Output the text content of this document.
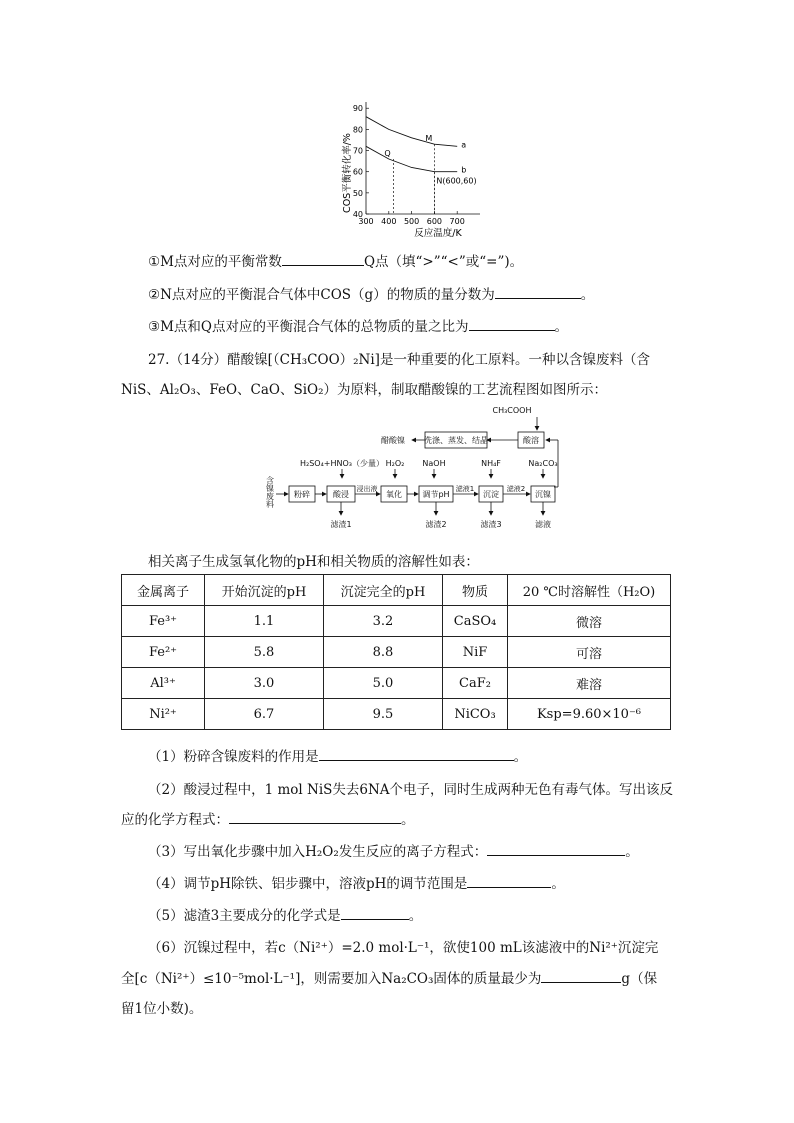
40
50
60
70
80
90
300 400 500 600 700
a
b
Q
M
N(600,60)
COS平衡转化率/%
反应温度/K
①M点对应的平衡常数	Q点（填“>”“<”或“=”)。
②N点对应的平衡混合气体中COS（g）的物质的量分数为	。
③M点和Q点对应的平衡混合气体的总物质的量之比为	。
27.（14分）醋酸镍[（CH₃COO）₂Ni]是一种重要的化工原料。一种以含镍废料（含
NiS、Al₂O₃、FeO、CaO、SiO₂）为原料，制取醋酸镍的工艺流程图如图所示：
CH₃COOH
酸溶
洗涤、蒸发、结晶
醋酸镍
H₂SO₄+HNO₃（少量） H₂O₂ NaOH	NH₄F	Na₂CO₃
含镍废料 粉碎	酸浸
浸出液
氧化	调节pH
滤液1
沉淀
滤液2
沉镍
滤渣1	滤渣2	滤渣3	滤液
相关离子生成氢氧化物的pH和相关物质的溶解性如表：
金属离子	开始沉淀的pH	沉淀完全的pH	物质	20 ℃时溶解性（H₂O)
Fe³⁺	1.1	3.2	CaSO₄	微溶
Fe²⁺	5.8	8.8	NiF	可溶
Al³⁺	3.0	5.0	CaF₂	难溶
Ni²⁺	6.7	9.5	NiCO₃	Ksp=9.60×10⁻⁶
（1）粉碎含镍废料的作用是	。
（2）酸浸过程中，1 mol NiS失去6NA个电子，同时生成两种无色有毒气体。写出该反
应的化学方程式：	。
（3）写出氧化步骤中加入H₂O₂发生反应的离子方程式：	。
（4）调节pH除铁、铝步骤中，溶液pH的调节范围是	。
（5）滤渣3主要成分的化学式是	。
（6）沉镍过程中，若c（Ni²⁺）=2.0 mol·L⁻¹，欲使100 mL该滤液中的Ni²⁺沉淀完
全[c（Ni²⁺）≤10⁻⁵mol·L⁻¹]，则需要加入Na₂CO₃固体的质量最少为	g（保
留1位小数)。
